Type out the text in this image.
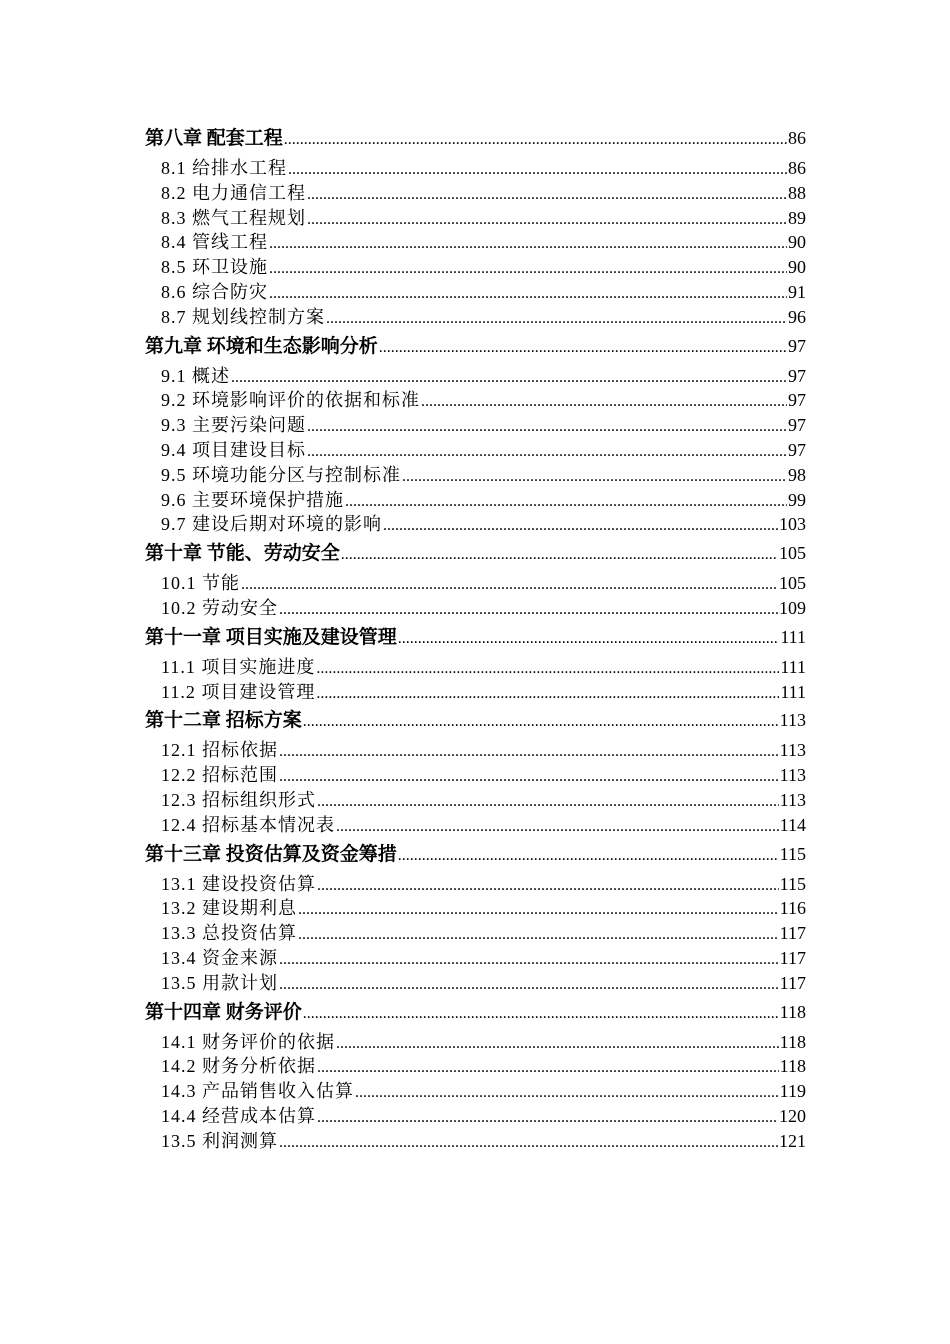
第八章 配套工程 .....	86
8.1 给排水工程 .....	86
8.2 电力通信工程 .....	88
8.3 燃气工程规划 .....	89
8.4 管线工程 .....	90
8.5 环卫设施 .....	90
8.6 综合防灾 .....	91
8.7 规划线控制方案 .....	96
第九章 环境和生态影响分析 .....	97
9.1 概述 .....	97
9.2 环境影响评价的依据和标准 .....	97
9.3 主要污染问题 .....	97
9.4 项目建设目标 .....	97
9.5 环境功能分区与控制标准 .....	98
9.6 主要环境保护措施 .....	99
9.7 建设后期对环境的影响 .....	103
第十章 节能、劳动安全 .....	105
10.1 节能 .....	105
10.2 劳动安全 .....	109
第十一章 项目实施及建设管理 .....	111
11.1 项目实施进度 .....	111
11.2 项目建设管理 .....	111
第十二章 招标方案 .....	113
12.1 招标依据 .....	113
12.2 招标范围 .....	113
12.3 招标组织形式 .....	113
12.4 招标基本情况表 .....	114
第十三章 投资估算及资金筹措 .....	115
13.1 建设投资估算 .....	115
13.2 建设期利息 .....	116
13.3 总投资估算 .....	117
13.4 资金来源 .....	117
13.5 用款计划 .....	117
第十四章 财务评价 .....	118
14.1 财务评价的依据 .....	118
14.2 财务分析依据 .....	118
14.3 产品销售收入估算 .....	119
14.4 经营成本估算 .....	120
13.5 利润测算 .....	121
